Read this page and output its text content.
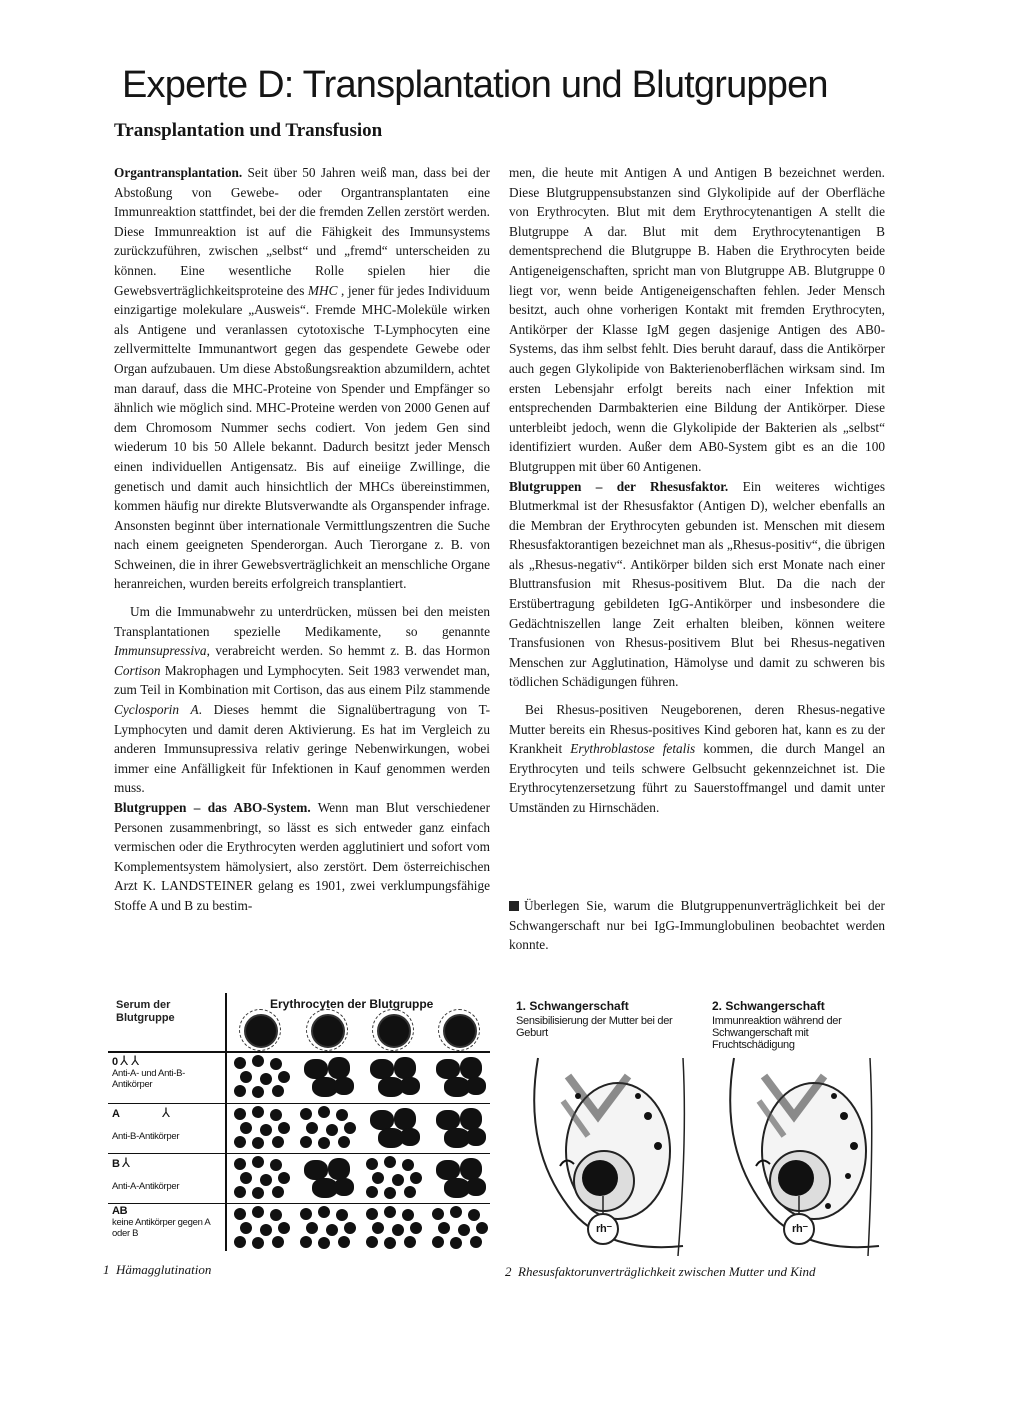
Experte D: Transplantation und Blutgruppen
Transplantation und Transfusion

Organtransplantation. Seit über 50 Jahren weiß man, dass bei der Abstoßung von Gewebe- oder Organtransplantaten eine Immunreaktion stattfindet, bei der die fremden Zellen zerstört werden. Diese Immunreaktion ist auf die Fähigkeit des Immunsystems zurückzuführen, zwischen „selbst“ und „fremd“ unterscheiden zu können. Eine wesentliche Rolle spielen hier die Gewebsverträglichkeitsproteine des MHC , jener für jedes Individuum einzigartige molekulare „Ausweis“. Fremde MHC-Moleküle wirken als Antigene und veranlassen cytotoxische T-Lymphocyten eine zellvermittelte Immunantwort gegen das gespendete Gewebe oder Organ aufzubauen. Um diese Abstoßungsreaktion abzumildern, achtet man darauf, dass die MHC-Proteine von Spender und Empfänger so ähnlich wie möglich sind. MHC-Proteine werden von 2000 Genen auf dem Chromosom Nummer sechs codiert. Von jedem Gen sind wiederum 10 bis 50 Allele bekannt. Dadurch besitzt jeder Mensch einen individuellen Antigensatz. Bis auf eineiige Zwillinge, die genetisch und damit auch hinsichtlich der MHCs übereinstimmen, kommen häufig nur direkte Blutsverwandte als Organspender infrage. Ansonsten beginnt über internationale Vermittlungszentren die Suche nach einem geeigneten Spenderorgan. Auch Tierorgane z. B. von Schweinen, die in ihrer Gewebsverträglichkeit an menschliche Organe heranreichen, wurden bereits erfolgreich transplantiert.

Um die Immunabwehr zu unterdrücken, müssen bei den meisten Transplantationen spezielle Medikamente, so genannte Immunsupressiva, verabreicht werden. So hemmt z. B. das Hormon Cortison Makrophagen und Lymphocyten. Seit 1983 verwendet man, zum Teil in Kombination mit Cortison, das aus einem Pilz stammende Cyclosporin A. Dieses hemmt die Signalübertragung von T-Lymphocyten und damit deren Aktivierung. Es hat im Vergleich zu anderen Immunsupressiva relativ geringe Nebenwirkungen, wobei immer eine Anfälligkeit für Infektionen in Kauf genommen werden muss.

Blutgruppen – das ABO-System. Wenn man Blut verschiedener Personen zusammenbringt, so lässt es sich entweder ganz einfach vermischen oder die Erythrocyten werden agglutiniert und sofort vom Komplementsystem hämolysiert, also zerstört. Dem österreichischen Arzt K. LANDSTEINER gelang es 1901, zwei verklumpungsfähige Stoffe A und B zu bestim-

men, die heute mit Antigen A und Antigen B bezeichnet werden. Diese Blutgruppensubstanzen sind Glykolipide auf der Oberfläche von Erythrocyten. Blut mit dem Erythrocytenantigen A stellt die Blutgruppe A dar. Blut mit dem Erythrocytenantigen B dementsprechend die Blutgruppe B. Haben die Erythrocyten beide Antigeneigenschaften, spricht man von Blutgruppe AB. Blutgruppe 0 liegt vor, wenn beide Antigeneigenschaften fehlen. Jeder Mensch besitzt, auch ohne vorherigen Kontakt mit fremden Erythrocyten, Antikörper der Klasse IgM gegen dasjenige Antigen des AB0-Systems, das ihm selbst fehlt. Dies beruht darauf, dass die Antikörper auch gegen Glykolipide von Bakterienoberflächen wirksam sind. Im ersten Lebensjahr erfolgt bereits nach einer Infektion mit entsprechenden Darmbakterien eine Bildung der Antikörper. Diese unterbleibt jedoch, wenn die Glykolipide der Bakterien als „selbst“ identifiziert wurden. Außer dem AB0-System gibt es an die 100 Blutgruppen mit über 60 Antigenen.

Blutgruppen – der Rhesusfaktor. Ein weiteres wichtiges Blutmerkmal ist der Rhesusfaktor (Antigen D), welcher ebenfalls an die Membran der Erythrocyten gebunden ist. Menschen mit diesem Rhesusfaktorantigen bezeichnet man als „Rhesus-positiv“, die übrigen als „Rhesus-negativ“. Antikörper bilden sich erst Monate nach einer Bluttransfusion mit Rhesus-positivem Blut. Da die nach der Erstübertragung gebildeten IgG-Antikörper und insbesondere die Gedächtniszellen lange Zeit erhalten bleiben, können weitere Transfusionen von Rhesus-positivem Blut bei Rhesus-negativen Menschen zur Agglutination, Hämolyse und damit zu schweren bis tödlichen Schädigungen führen.

Bei Rhesus-positiven Neugeborenen, deren Rhesus-negative Mutter bereits ein Rhesus-positives Kind geboren hat, kann es zu der Krankheit Erythroblastose fetalis kommen, die durch Mangel an Erythrocyten und teils schwere Gelbsucht gekennzeichnet ist. Die Erythrocytenzersetzung führt zu Sauerstoffmangel und damit unter Umständen zu Hirnschäden.

Überlegen Sie, warum die Blutgruppenunverträglichkeit bei der Schwangerschaft nur bei IgG-Immunglobulinen beobachtet werden konnte.
Serum der Blutgruppe
Erythrocyten der Blutgruppe
0 ⅄ ⅄
Anti-A- und Anti-B-Antikörper
A	⅄

Anti-B-Antikörper
B ⅄

Anti-A-Antikörper
AB
keine Antikörper gegen A oder B
1 Hämagglutination
1. Schwangerschaft
Sensibilisierung der Mutter bei der Geburt
2. Schwangerschaft
Immunreaktion während der Schwangerschaft mit Fruchtschädigung
rh⁻	rh⁻
2 Rhesusfaktorunverträglichkeit zwischen Mutter und Kind
